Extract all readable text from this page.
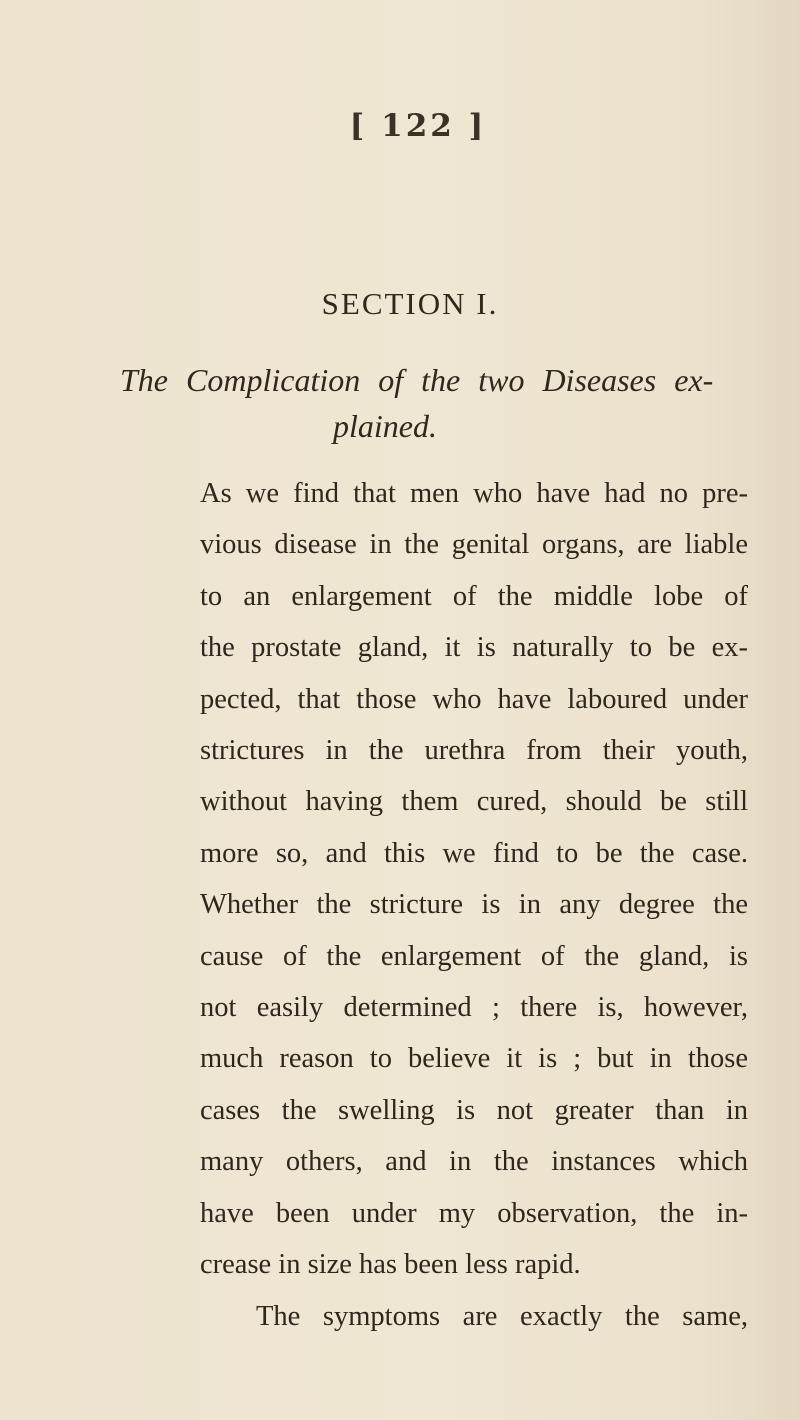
[ 122 ]
SECTION I.
The Complication of the two Diseases ex-
plained.
As we find that men who have had no pre-
vious disease in the genital organs, are liable
to an enlargement of the middle lobe of
the prostate gland, it is naturally to be ex-
pected, that those who have laboured under
strictures in the urethra from their youth,
without having them cured, should be still
more so, and this we find to be the case.
Whether the stricture is in any degree the
cause of the enlargement of the gland, is
not easily determined ; there is, however,
much reason to believe it is ; but in those
cases the swelling is not greater than in
many others, and in the instances which
have been under my observation, the in-
crease in size has been less rapid.
The symptoms are exactly the same,
